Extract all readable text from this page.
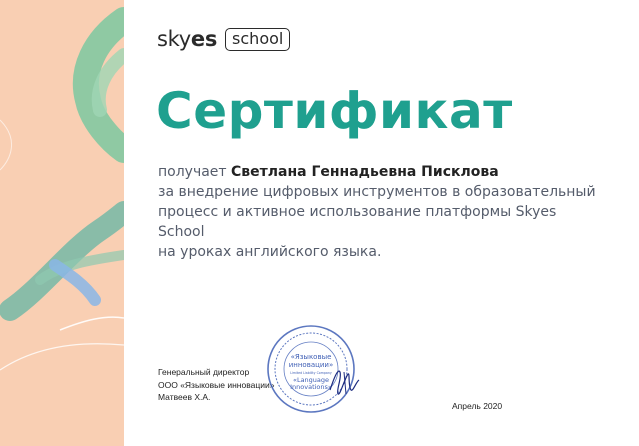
skyes school
Сертификат
получает Светлана Геннадьевна Писклова
за внедрение цифровых инструментов в образовательный
процесс и активное использование платформы Skyes School
на уроках английского языка.
Генеральный директор
ООО «Языковые инновации»
Матвеев Х.А.
«Языковые
инновации»
Limited Liability Company
«Language
Innovations»
Апрель 2020
